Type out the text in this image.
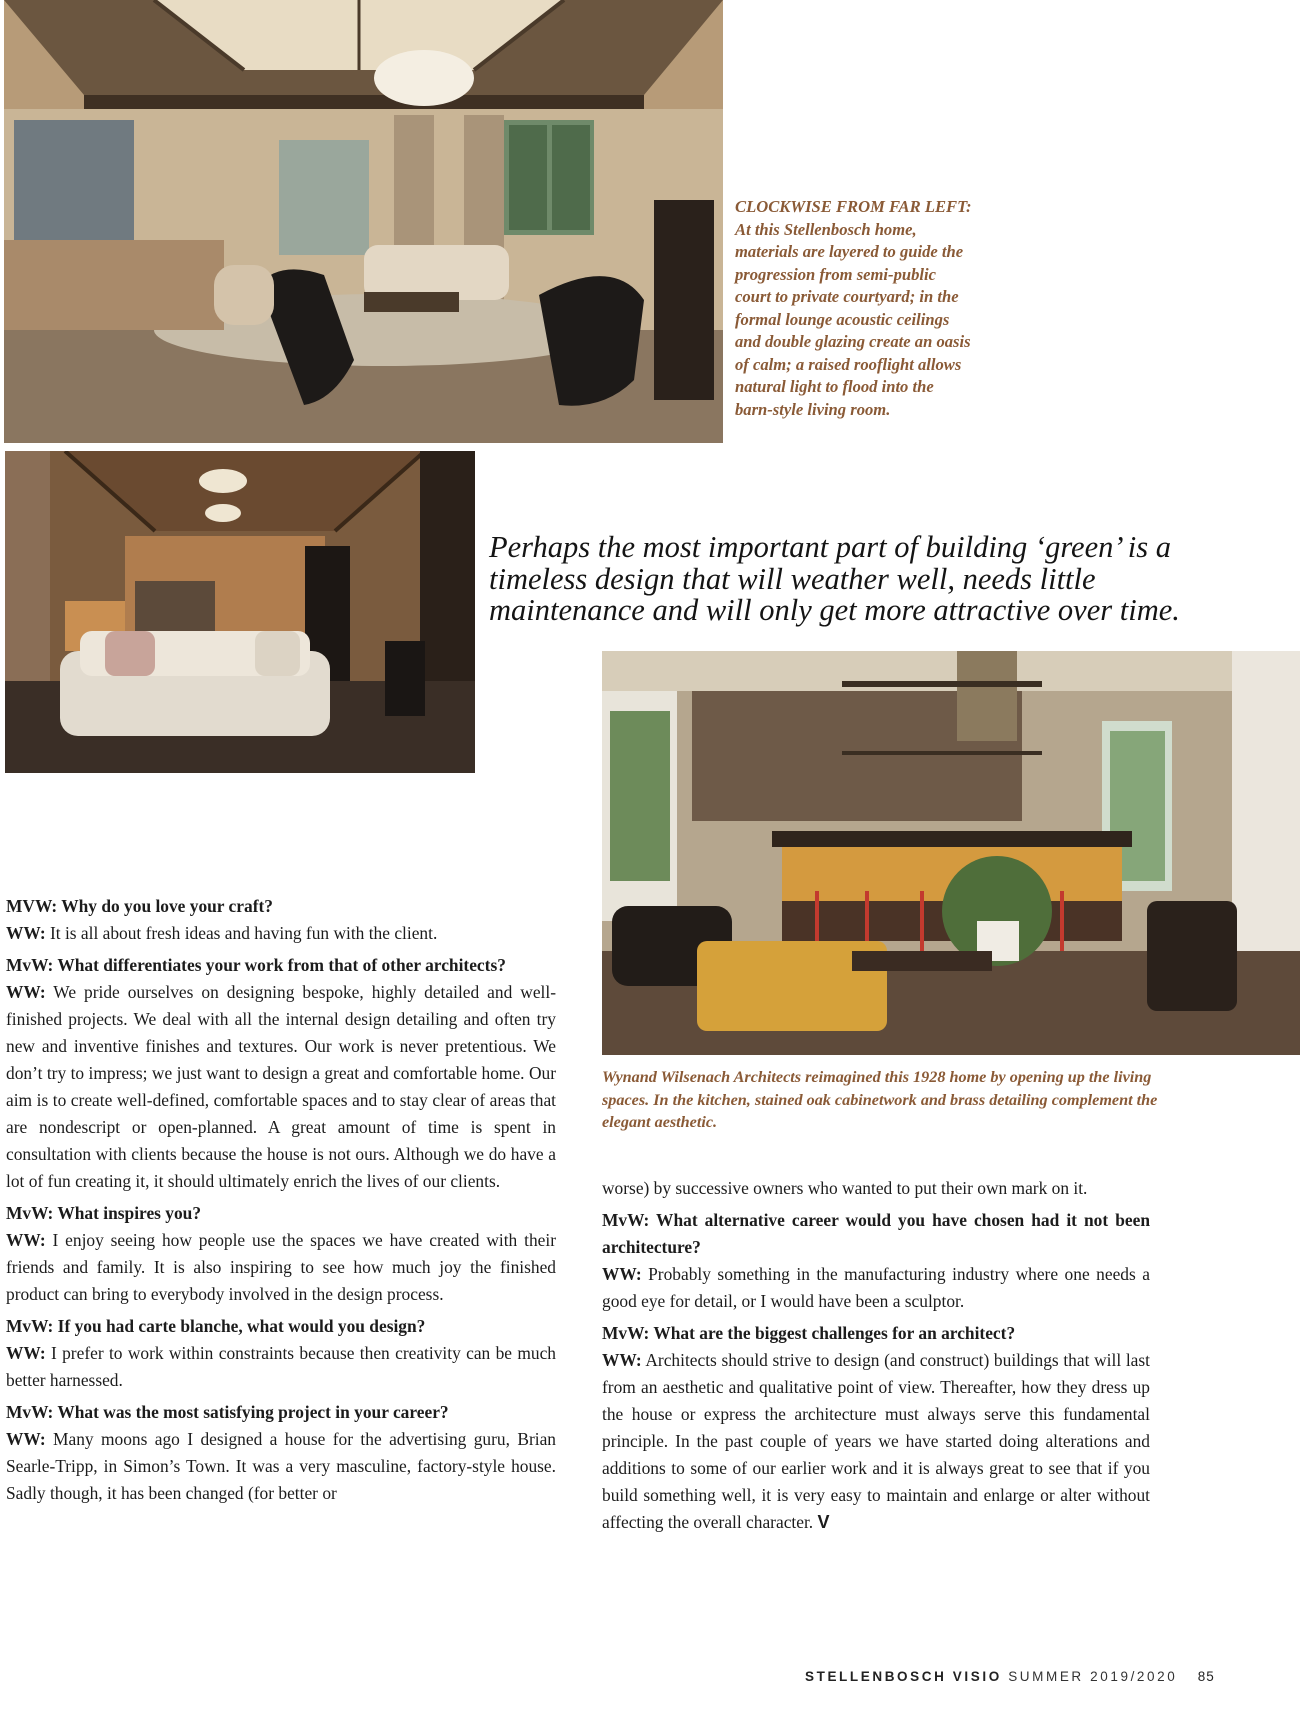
CLOCKWISE FROM FAR LEFT: At this Stellenbosch home, materials are layered to guide the progression from semi-public court to private courtyard; in the formal lounge acoustic ceilings and double glazing create an oasis of calm; a raised rooflight allows natural light to flood into the barn-style living room.
Perhaps the most important part of building ‘green’ is a timeless design that will weather well, needs little maintenance and will only get more attractive over time.
Wynand Wilsenach Architects reimagined this 1928 home by opening up the living spaces. In the kitchen, stained oak cabinetwork and brass detailing complement the elegant aesthetic.

MVW: Why do you love your craft?

WW: It is all about fresh ideas and having fun with the client.

MvW: What differentiates your work from that of other architects?

WW: We pride ourselves on designing bespoke, highly detailed and well-finished projects. We deal with all the internal design detailing and often try new and inventive finishes and textures. Our work is never pretentious. We don’t try to impress; we just want to design a great and comfortable home. Our aim is to create well-defined, comfortable spaces and to stay clear of areas that are nondescript or open-planned. A great amount of time is spent in consultation with clients because the house is not ours. Although we do have a lot of fun creating it, it should ultimately enrich the lives of our clients.

MvW: What inspires you?

WW: I enjoy seeing how people use the spaces we have created with their friends and family. It is also inspiring to see how much joy the finished product can bring to everybody involved in the design process.

MvW: If you had carte blanche, what would you design?

WW: I prefer to work within constraints because then creativity can be much better harnessed.

MvW: What was the most satisfying project in your career?

WW: Many moons ago I designed a house for the advertising guru, Brian Searle-Tripp, in Simon’s Town. It was a very masculine, factory-style house. Sadly though, it has been changed (for better or

worse) by successive owners who wanted to put their own mark on it.

MvW: What alternative career would you have chosen had it not been architecture?

WW: Probably something in the manufacturing industry where one needs a good eye for detail, or I would have been a sculptor.

MvW: What are the biggest challenges for an architect?

WW: Architects should strive to design (and construct) buildings that will last from an aesthetic and qualitative point of view. Thereafter, how they dress up the house or express the architecture must always serve this fundamental principle. In the past couple of years we have started doing alterations and additions to some of our earlier work and it is always great to see that if you build something well, it is very easy to maintain and enlarge or alter without affecting the overall character. V

STELLENBOSCH VISIO SUMMER 2019/2020 85
